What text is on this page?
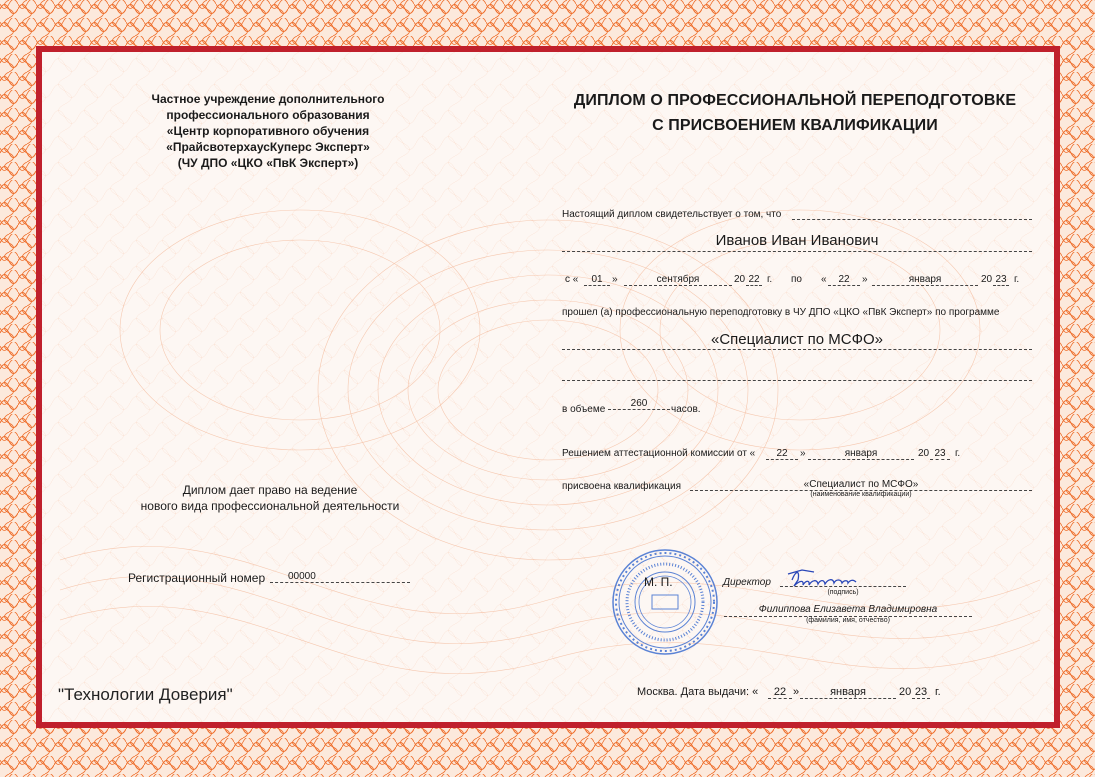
Частное учреждение дополнительного
профессионального образования
«Центр корпоративного обучения
«ПрайсвотерхаусКуперс Эксперт»
(ЧУ ДПО «ЦКО «ПвК Эксперт»)
ДИПЛОМ О ПРОФЕССИОНАЛЬНОЙ ПЕРЕПОДГОТОВКЕ
С ПРИСВОЕНИЕМ КВАЛИФИКАЦИИ
Настоящий диплом свидетельствует о том, что
Иванов Иван Иванович
с «	01 »	сентября	20 22 г. по «	22	»	января	20 23 г.
прошел (а) профессиональную переподготовку в ЧУ ДПО «ЦКО «ПвК Эксперт» по программе
«Специалист по МСФО»
в объеме
260
часов.
Решением аттестационной комиссии от «	22	»	января	20 23 г.
присвоена квалификация	«Специалист по МСФО»
(наименование квалификации)
Диплом дает право на ведение
нового вида профессиональной деятельности
Регистрационный номер 00000	М. П.	Директор
(подпись)
Филиппова Елизавета Владимировна
(фамилия, имя, отчество)
"Технологии Доверия"	Москва. Дата выдачи: «	22 »	января	20 23 г.
